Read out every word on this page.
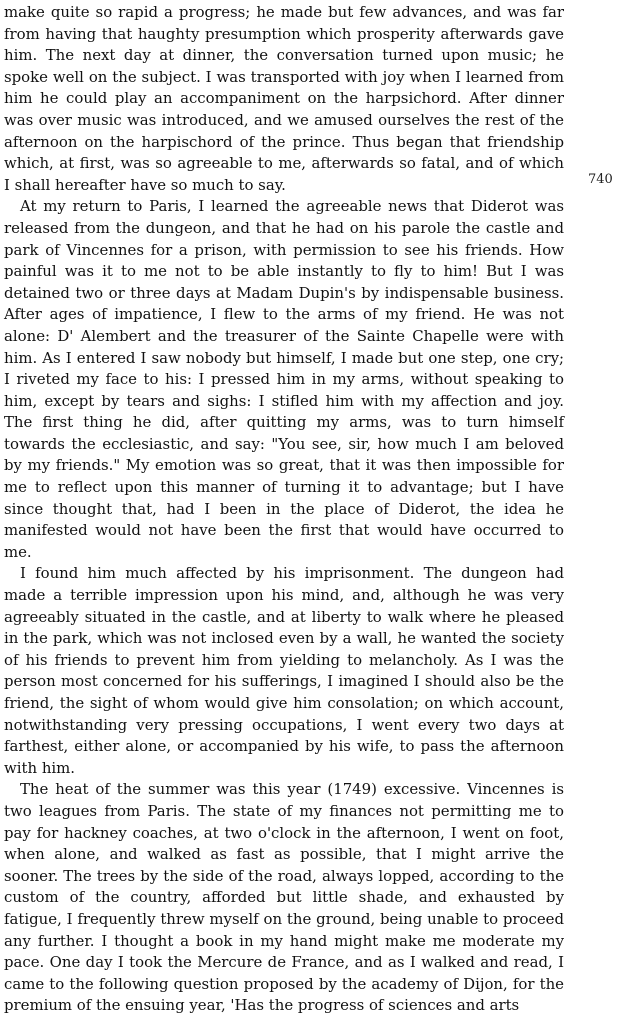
make quite so rapid a progress; he made but few advances, and was far from having that haughty presumption which prosperity afterwards gave him. The next day at dinner, the conversation turned upon music; he spoke well on the subject. I was transported with joy when I learned from him he could play an accompaniment on the harpsichord. After dinner was over music was introduced, and we amused ourselves the rest of the afternoon on the harpischord of the prince. Thus began that friendship which, at first, was so agreeable to me, afterwards so fatal, and of which I shall hereafter have so much to say.

At my return to Paris, I learned the agreeable news that Diderot was released from the dungeon, and that he had on his parole the castle and park of Vincennes for a prison, with permission to see his friends. How painful was it to me not to be able instantly to fly to him! But I was detained two or three days at Madam Dupin's by indispensable business. After ages of impatience, I flew to the arms of my friend. He was not alone: D' Alembert and the treasurer of the Sainte Chapelle were with him. As I entered I saw nobody but himself, I made but one step, one cry; I riveted my face to his: I pressed him in my arms, without speaking to him, except by tears and sighs: I stifled him with my affection and joy. The first thing he did, after quitting my arms, was to turn himself towards the ecclesiastic, and say: "You see, sir, how much I am beloved by my friends." My emotion was so great, that it was then impossible for me to reflect upon this manner of turning it to advantage; but I have since thought that, had I been in the place of Diderot, the idea he manifested would not have been the first that would have occurred to me.

I found him much affected by his imprisonment. The dungeon had made a terrible impression upon his mind, and, although he was very agreeably situated in the castle, and at liberty to walk where he pleased in the park, which was not inclosed even by a wall, he wanted the society of his friends to prevent him from yielding to melancholy. As I was the person most concerned for his sufferings, I imagined I should also be the friend, the sight of whom would give him consolation; on which account, notwithstanding very pressing occupations, I went every two days at farthest, either alone, or accompanied by his wife, to pass the afternoon with him.

The heat of the summer was this year (1749) excessive. Vincennes is two leagues from Paris. The state of my finances not permitting me to pay for hackney coaches, at two o'clock in the afternoon, I went on foot, when alone, and walked as fast as possible, that I might arrive the sooner. The trees by the side of the road, always lopped, according to the custom of the country, afforded but little shade, and exhausted by fatigue, I frequently threw myself on the ground, being unable to proceed any further. I thought a book in my hand might make me moderate my pace. One day I took the Mercure de France, and as I walked and read, I came to the following question proposed by the academy of Dijon, for the premium of the ensuing year, 'Has the progress of sciences and arts

740
